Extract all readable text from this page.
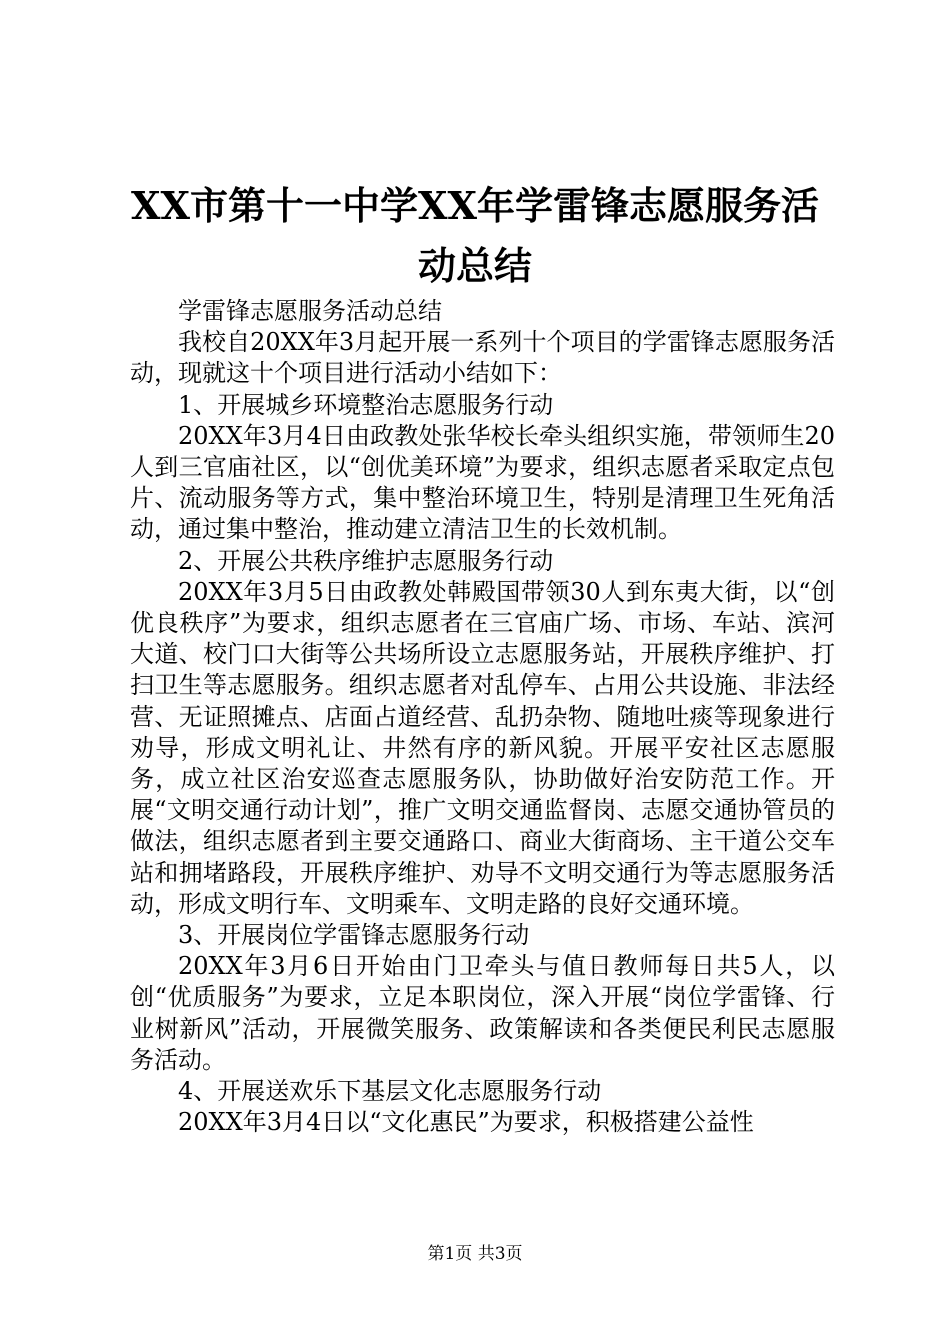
XX市第十一中学XX年学雷锋志愿服务活动总结

学雷锋志愿服务活动总结

我校自20XX年3月起开展一系列十个项目的学雷锋志愿服务活动，现就这十个项目进行活动小结如下：

1、开展城乡环境整治志愿服务行动

20XX年3月4日由政教处张华校长牵头组织实施，带领师生20人到三官庙社区，以“创优美环境”为要求，组织志愿者采取定点包片、流动服务等方式，集中整治环境卫生，特别是清理卫生死角活动，通过集中整治，推动建立清洁卫生的长效机制。

2、开展公共秩序维护志愿服务行动

20XX年3月5日由政教处韩殿国带领30人到东夷大街，以“创优良秩序”为要求，组织志愿者在三官庙广场、市场、车站、滨河大道、校门口大街等公共场所设立志愿服务站，开展秩序维护、打扫卫生等志愿服务。组织志愿者对乱停车、占用公共设施、非法经营、无证照摊点、店面占道经营、乱扔杂物、随地吐痰等现象进行劝导，形成文明礼让、井然有序的新风貌。开展平安社区志愿服务，成立社区治安巡查志愿服务队，协助做好治安防范工作。开展“文明交通行动计划”，推广文明交通监督岗、志愿交通协管员的做法，组织志愿者到主要交通路口、商业大街商场、主干道公交车站和拥堵路段，开展秩序维护、劝导不文明交通行为等志愿服务活动，形成文明行车、文明乘车、文明走路的良好交通环境。

3、开展岗位学雷锋志愿服务行动

20XX年3月6日开始由门卫牵头与值日教师每日共5人，以创“优质服务”为要求，立足本职岗位，深入开展“岗位学雷锋、行业树新风”活动，开展微笑服务、政策解读和各类便民利民志愿服务活动。

4、开展送欢乐下基层文化志愿服务行动

20XX年3月4日以“文化惠民”为要求，积极搭建公益性

第1页 共3页
